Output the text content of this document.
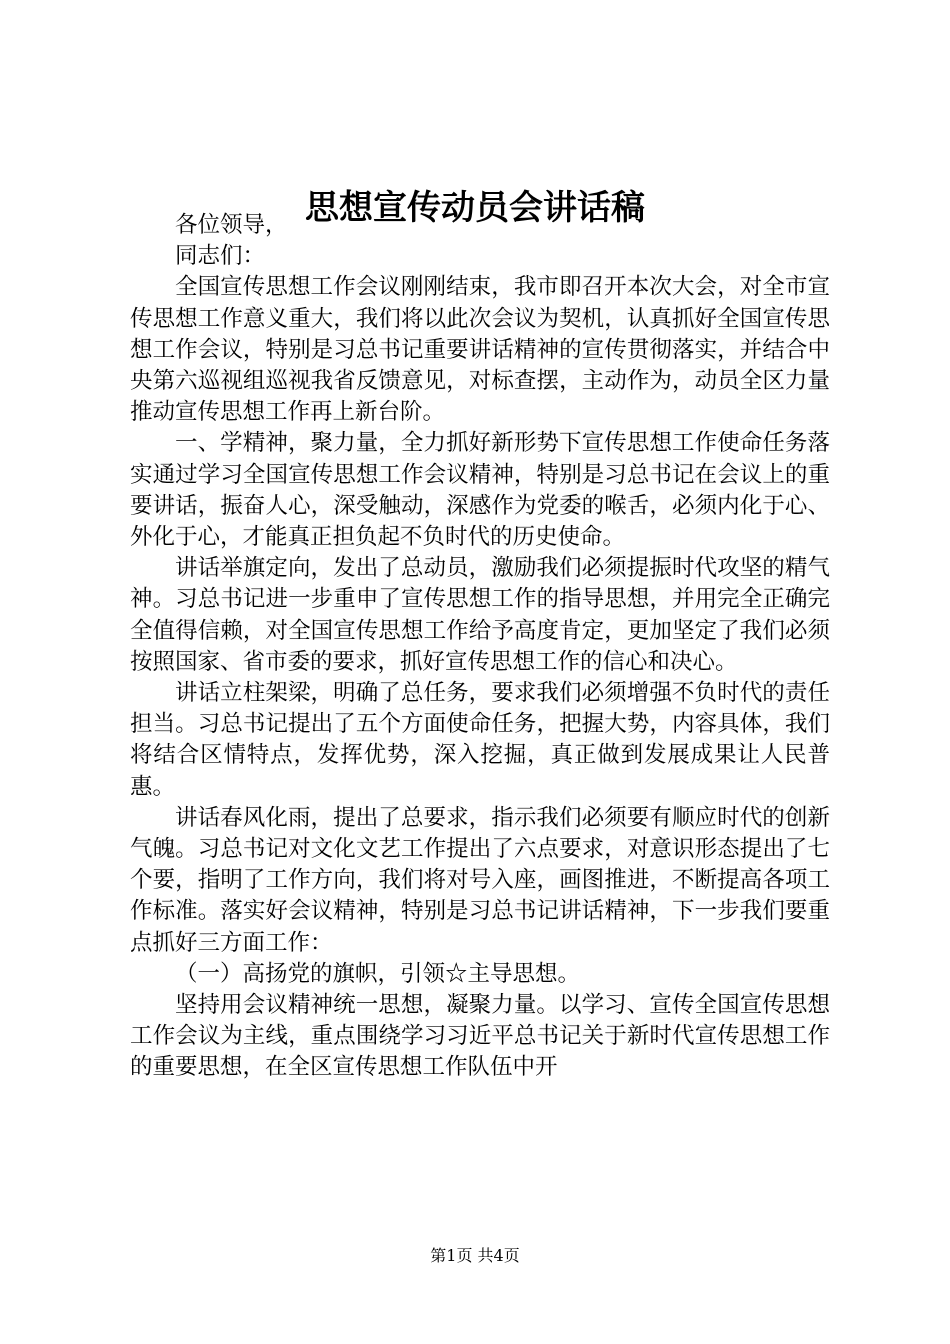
思想宣传动员会讲话稿

各位领导，

同志们：

全国宣传思想工作会议刚刚结束，我市即召开本次大会，对全市宣传思想工作意义重大，我们将以此次会议为契机，认真抓好全国宣传思想工作会议，特别是习总书记重要讲话精神的宣传贯彻落实，并结合中央第六巡视组巡视我省反馈意见，对标查摆，主动作为，动员全区力量推动宣传思想工作再上新台阶。

一、学精神，聚力量，全力抓好新形势下宣传思想工作使命任务落实通过学习全国宣传思想工作会议精神，特别是习总书记在会议上的重要讲话，振奋人心，深受触动，深感作为党委的喉舌，必须内化于心、外化于心，才能真正担负起不负时代的历史使命。

讲话举旗定向，发出了总动员，激励我们必须提振时代攻坚的精气神。习总书记进一步重申了宣传思想工作的指导思想，并用完全正确完全值得信赖，对全国宣传思想工作给予高度肯定，更加坚定了我们必须按照国家、省市委的要求，抓好宣传思想工作的信心和决心。

讲话立柱架梁，明确了总任务，要求我们必须增强不负时代的责任担当。习总书记提出了五个方面使命任务，把握大势，内容具体，我们将结合区情特点，发挥优势，深入挖掘，真正做到发展成果让人民普惠。

讲话春风化雨，提出了总要求，指示我们必须要有顺应时代的创新气魄。习总书记对文化文艺工作提出了六点要求，对意识形态提出了七个要，指明了工作方向，我们将对号入座，画图推进，不断提高各项工作标准。落实好会议精神，特别是习总书记讲话精神，下一步我们要重点抓好三方面工作：

（一）高扬党的旗帜，引领☆主导思想。

坚持用会议精神统一思想，凝聚力量。以学习、宣传全国宣传思想工作会议为主线，重点围绕学习习近平总书记关于新时代宣传思想工作的重要思想，在全区宣传思想工作队伍中开

第1页 共4页
